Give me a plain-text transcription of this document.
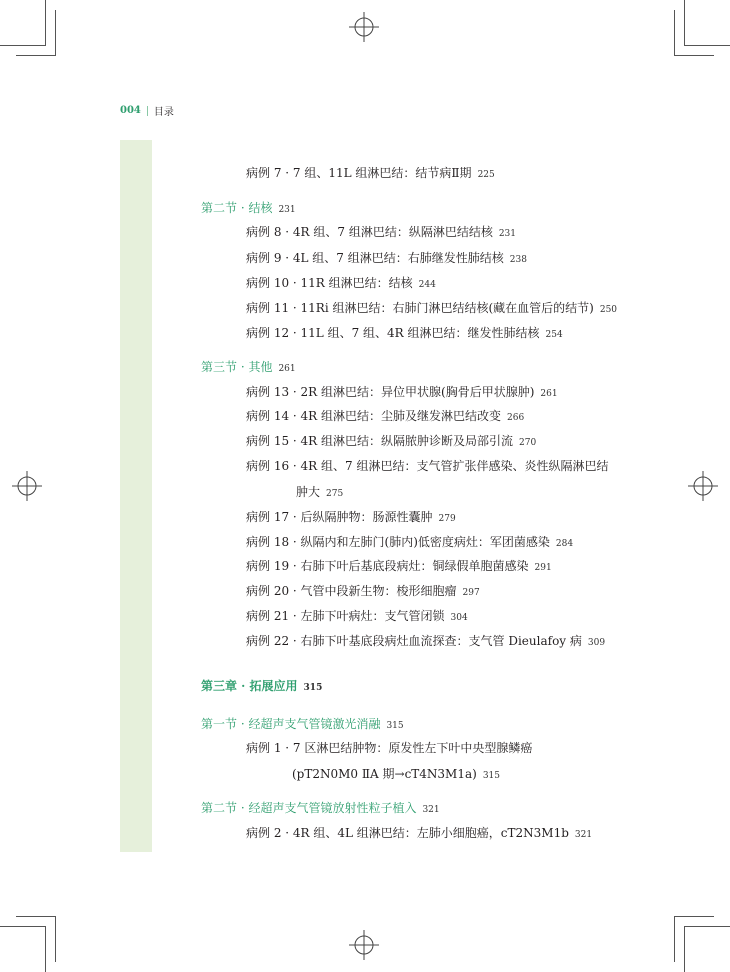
004 目录
病例 7 · 7 组、11L 组淋巴结：结节病Ⅱ期 225
第二节 · 结核 231
病例 8 · 4R 组、7 组淋巴结：纵隔淋巴结结核 231
病例 9 · 4L 组、7 组淋巴结：右肺继发性肺结核 238
病例 10 · 11R 组淋巴结：结核 244
病例 11 · 11Ri 组淋巴结：右肺门淋巴结结核(藏在血管后的结节) 250
病例 12 · 11L 组、7 组、4R 组淋巴结：继发性肺结核 254
第三节 · 其他 261
病例 13 · 2R 组淋巴结：异位甲状腺(胸骨后甲状腺肿) 261
病例 14 · 4R 组淋巴结：尘肺及继发淋巴结改变 266
病例 15 · 4R 组淋巴结：纵隔脓肿诊断及局部引流 270
病例 16 · 4R 组、7 组淋巴结：支气管扩张伴感染、炎性纵隔淋巴结
肿大 275
病例 17 · 后纵隔肿物：肠源性囊肿 279
病例 18 · 纵隔内和左肺门(肺内)低密度病灶：军团菌感染 284
病例 19 · 右肺下叶后基底段病灶：铜绿假单胞菌感染 291
病例 20 · 气管中段新生物：梭形细胞瘤 297
病例 21 · 左肺下叶病灶：支气管闭锁 304
病例 22 · 右肺下叶基底段病灶血流探查：支气管 Dieulafoy 病 309
第三章 · 拓展应用 315
第一节 · 经超声支气管镜激光消融 315
病例 1 · 7 区淋巴结肿物：原发性左下叶中央型腺鳞癌
(pT2N0M0 ⅡA 期→cT4N3M1a) 315
第二节 · 经超声支气管镜放射性粒子植入 321
病例 2 · 4R 组、4L 组淋巴结：左肺小细胞癌，cT2N3M1b 321
